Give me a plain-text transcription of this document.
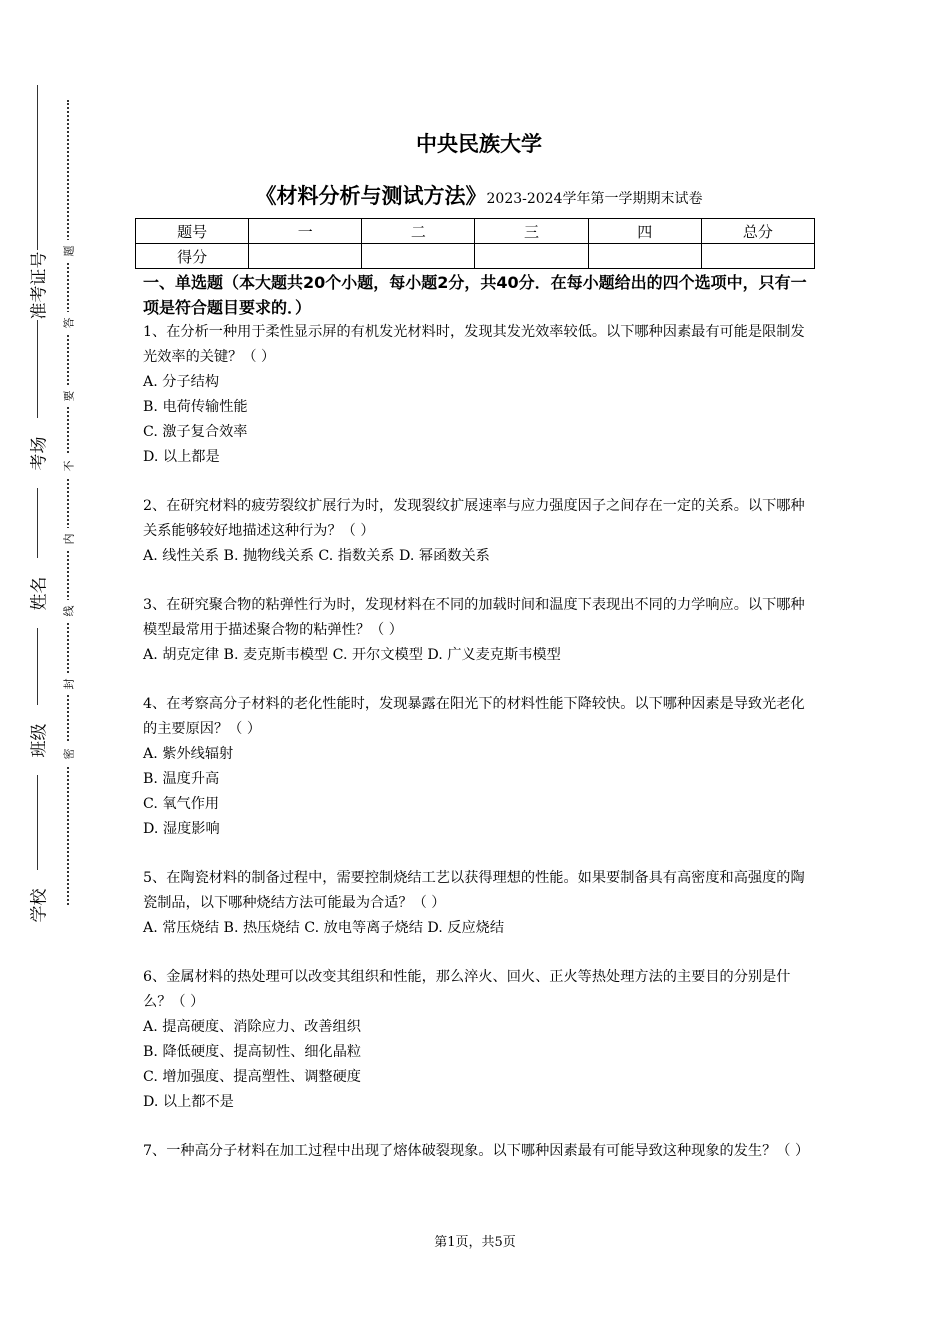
学校
班级
姓名
考场
准考证号
密
封
线
内
不
要
答
题
中央民族大学
《材料分析与测试方法》2023-2024学年第一学期期末试卷
题号	一	二	三	四	总分
得分					
一、单选题（本大题共20个小题，每小题2分，共40分．在每小题给出的四个选项中，只有一项是符合题目要求的．）

1、在分析一种用于柔性显示屏的有机发光材料时，发现其发光效率较低。以下哪种因素最有可能是限制发光效率的关键？（ ）

A. 分子结构

B. 电荷传输性能

C. 激子复合效率

D. 以上都是

2、在研究材料的疲劳裂纹扩展行为时，发现裂纹扩展速率与应力强度因子之间存在一定的关系。以下哪种关系能够较好地描述这种行为？（ ）

A. 线性关系 B. 抛物线关系 C. 指数关系 D. 幂函数关系

3、在研究聚合物的粘弹性行为时，发现材料在不同的加载时间和温度下表现出不同的力学响应。以下哪种模型最常用于描述聚合物的粘弹性？（ ）

A. 胡克定律 B. 麦克斯韦模型 C. 开尔文模型 D. 广义麦克斯韦模型

4、在考察高分子材料的老化性能时，发现暴露在阳光下的材料性能下降较快。以下哪种因素是导致光老化的主要原因？（ ）

A. 紫外线辐射

B. 温度升高

C. 氧气作用

D. 湿度影响

5、在陶瓷材料的制备过程中，需要控制烧结工艺以获得理想的性能。如果要制备具有高密度和高强度的陶瓷制品，以下哪种烧结方法可能最为合适？（ ）

A. 常压烧结 B. 热压烧结 C. 放电等离子烧结 D. 反应烧结

6、金属材料的热处理可以改变其组织和性能，那么淬火、回火、正火等热处理方法的主要目的分别是什么？（ ）

A. 提高硬度、消除应力、改善组织

B. 降低硬度、提高韧性、细化晶粒

C. 增加强度、提高塑性、调整硬度

D. 以上都不是

7、一种高分子材料在加工过程中出现了熔体破裂现象。以下哪种因素最有可能导致这种现象的发生？（ ）

第1页，共5页
